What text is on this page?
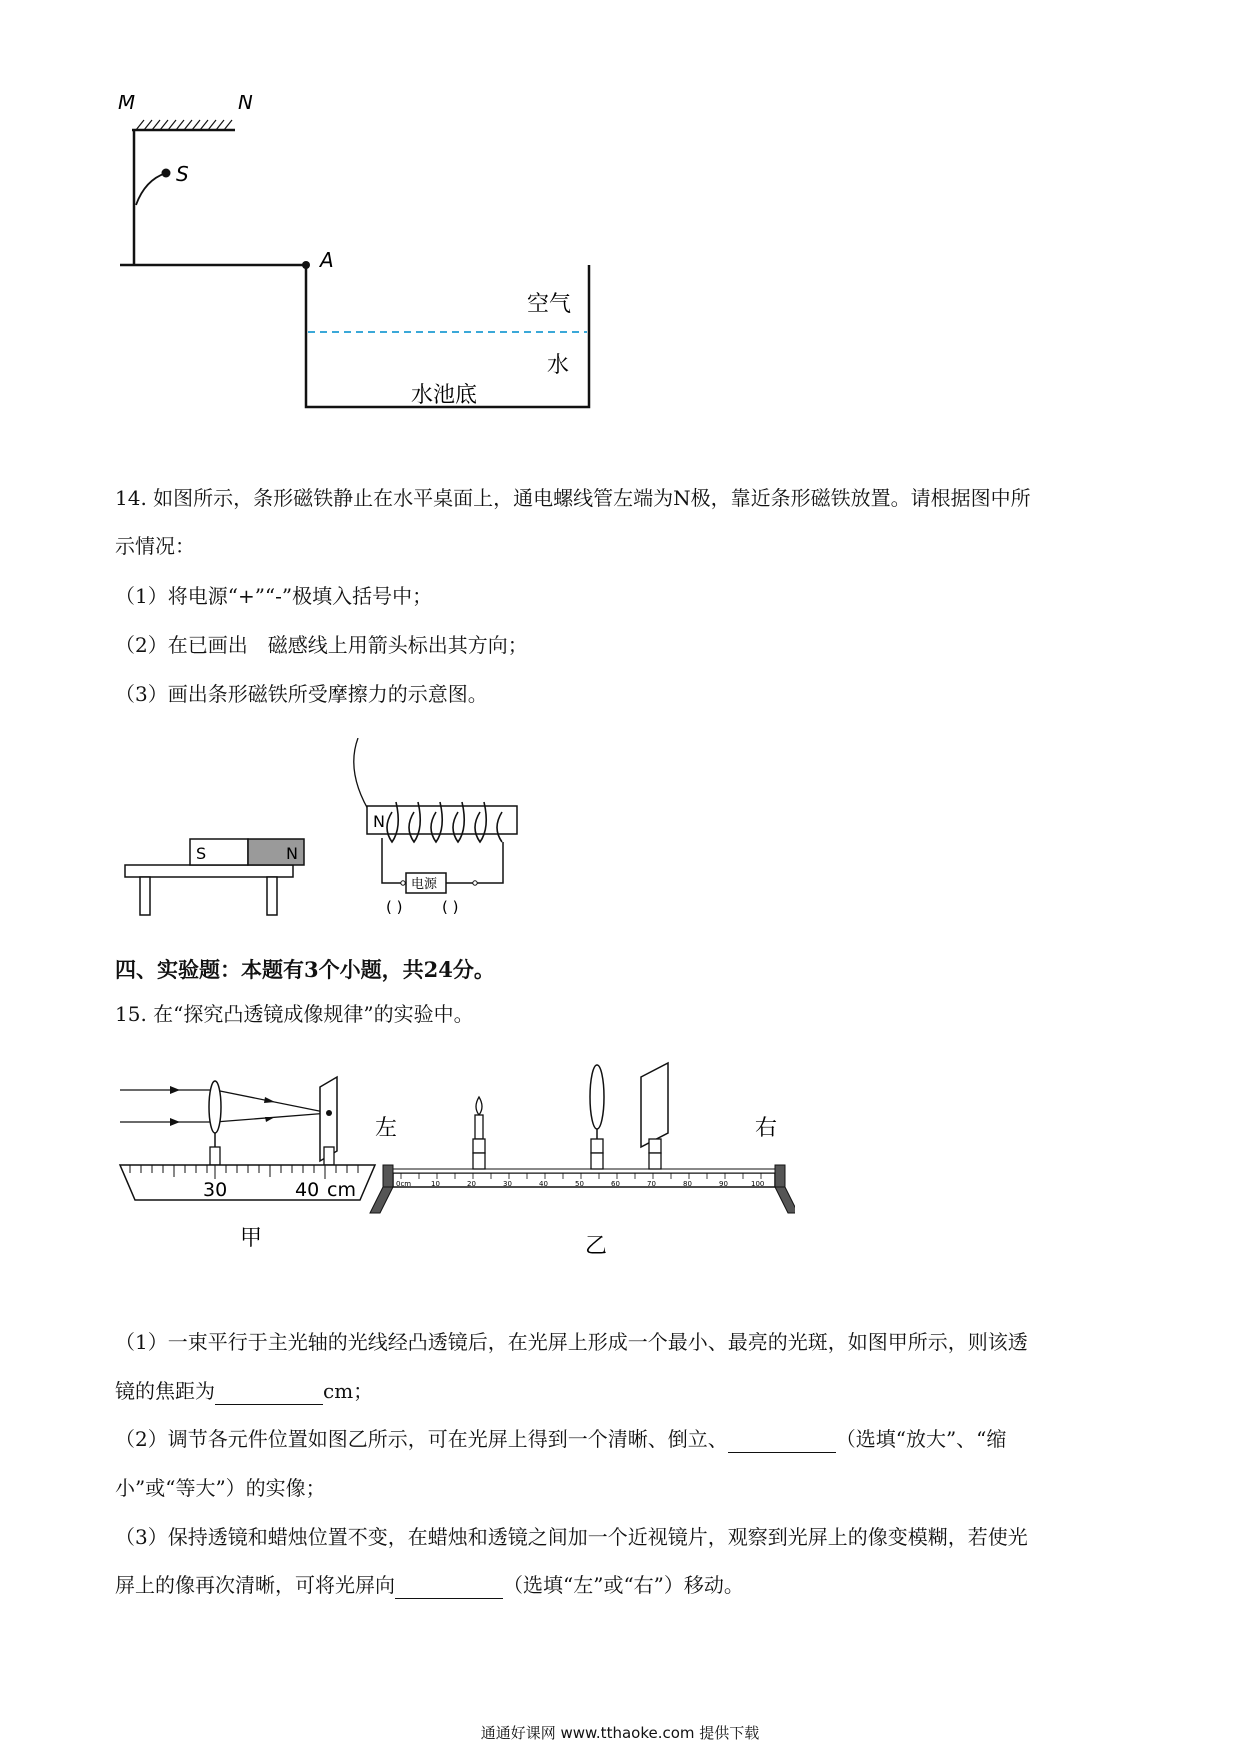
M	N
S
A
空气
水
水池底
14. 如图所示，条形磁铁静止在水平桌面上，通电螺线管左端为N极，靠近条形磁铁放置。请根据图中所
示情况：
（1）将电源“+”“-”极填入括号中；
（2）在已画出　磁感线上用箭头标出其方向；
（3）画出条形磁铁所受摩擦力的示意图。
S	N
N
电源
( )	( )
四、实验题：本题有3个小题，共24分。
15. 在“探究凸透镜成像规律”的实验中。
30	40 cm
甲
0cm	10	20	30	40	50	60	70	80	90	100
左	右
乙
（1）一束平行于主光轴的光线经凸透镜后，在光屏上形成一个最小、最亮的光斑，如图甲所示，则该透
镜的焦距为	cm；
（2）调节各元件位置如图乙所示，可在光屏上得到一个清晰、倒立、	（选填“放大”、“缩
小”或“等大”）的实像；
（3）保持透镜和蜡烛位置不变，在蜡烛和透镜之间加一个近视镜片，观察到光屏上的像变模糊，若使光
屏上的像再次清晰，可将光屏向	（选填“左”或“右”）移动。
通通好课网 www.tthaoke.com 提供下载
